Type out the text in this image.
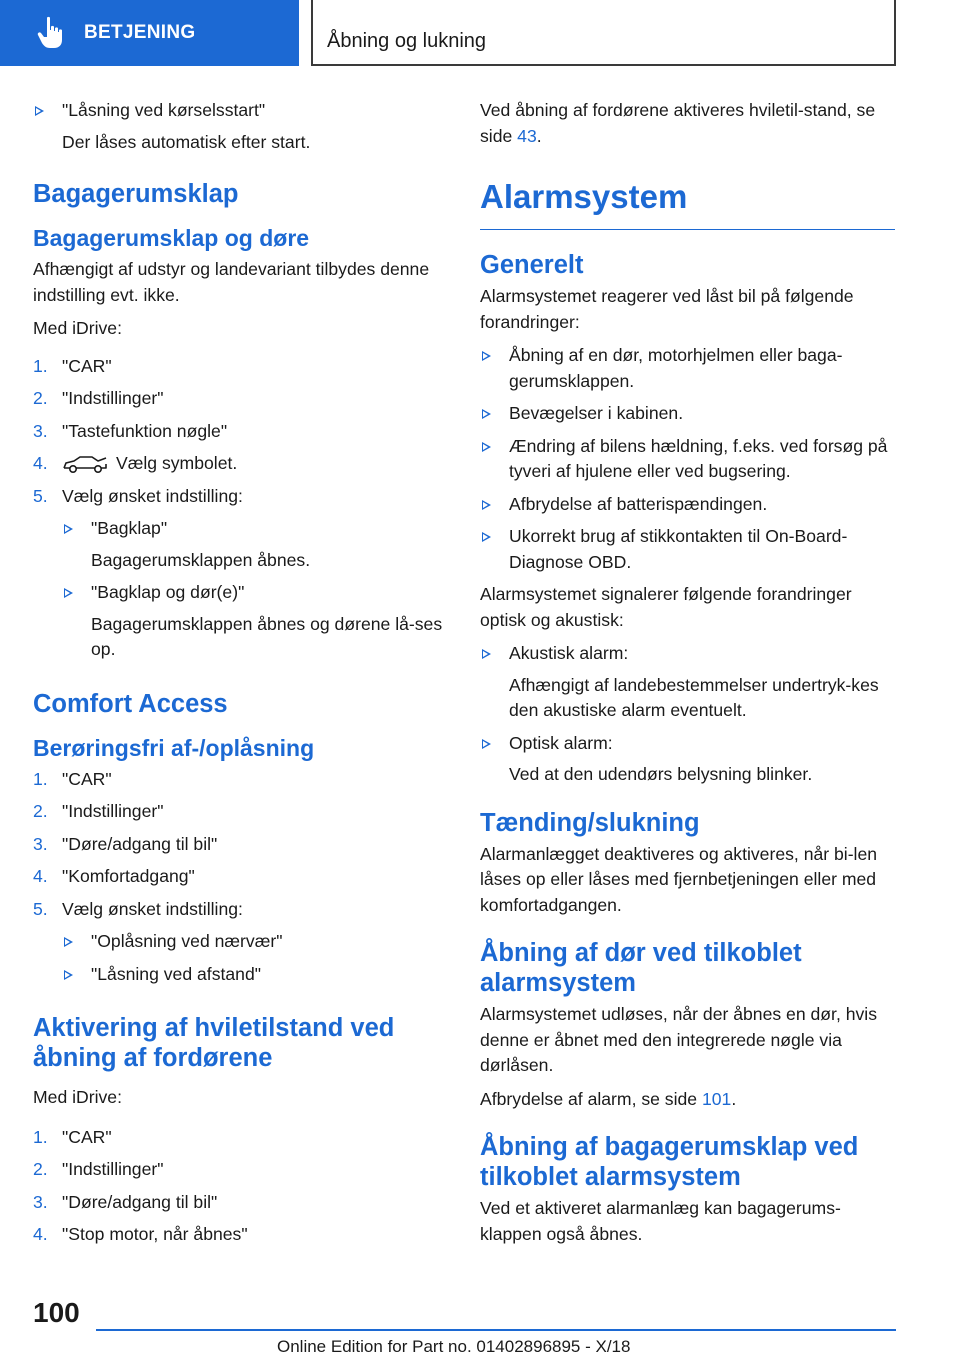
BETJENING	Åbning og lukning
"Låsning ved kørselsstart"
Der låses automatisk efter start.
Bagagerumsklap
Bagagerumsklap og døre

Afhængigt af udstyr og landevariant tilbydes denne indstilling evt. ikke.

Med iDrive:

1. "CAR"
2. "Indstillinger"
3. "Tastefunktion nøgle"
4.	Vælg symbolet.
5. Vælg ønsket indstilling:
"Bagklap"
Bagagerumsklappen åbnes.
"Bagklap og dør(e)"
Bagagerumsklappen åbnes og dørene lå-ses op.
Comfort Access
Berøringsfri af-/oplåsning
1. "CAR"
2. "Indstillinger"
3. "Døre/adgang til bil"
4. "Komfortadgang"
5. Vælg ønsket indstilling:
"Oplåsning ved nærvær"
"Låsning ved afstand"
Aktivering af hviletilstand ved åbning af fordørene

Med iDrive:

1. "CAR"
2. "Indstillinger"
3. "Døre/adgang til bil"
4. "Stop motor, når åbnes"

Ved åbning af fordørene aktiveres hviletil-stand, se side 43.

Alarmsystem
Generelt

Alarmsystemet reagerer ved låst bil på følgende forandringer:

Åbning af en dør, motorhjelmen eller baga-gerumsklappen.
Bevægelser i kabinen.
Ændring af bilens hældning, f.eks. ved forsøg på tyveri af hjulene eller ved bugsering.
Afbrydelse af batterispændingen.
Ukorrekt brug af stikkontakten til On-Board-Diagnose OBD.

Alarmsystemet signalerer følgende forandringer optisk og akustisk:

Akustisk alarm:
Afhængigt af landebestemmelser undertryk-kes den akustiske alarm eventuelt.
Optisk alarm:
Ved at den udendørs belysning blinker.
Tænding/slukning

Alarmanlægget deaktiveres og aktiveres, når bi-len låses op eller låses med fjernbetjeningen eller med komfortadgangen.

Åbning af dør ved tilkoblet alarmsystem

Alarmsystemet udløses, når der åbnes en dør, hvis denne er åbnet med den integrerede nøgle via dørlåsen.

Afbrydelse af alarm, se side 101.

Åbning af bagagerumsklap ved tilkoblet alarmsystem

Ved et aktiveret alarmanlæg kan bagagerums-klappen også åbnes.

100
Online Edition for Part no. 01402896895 - X/18
